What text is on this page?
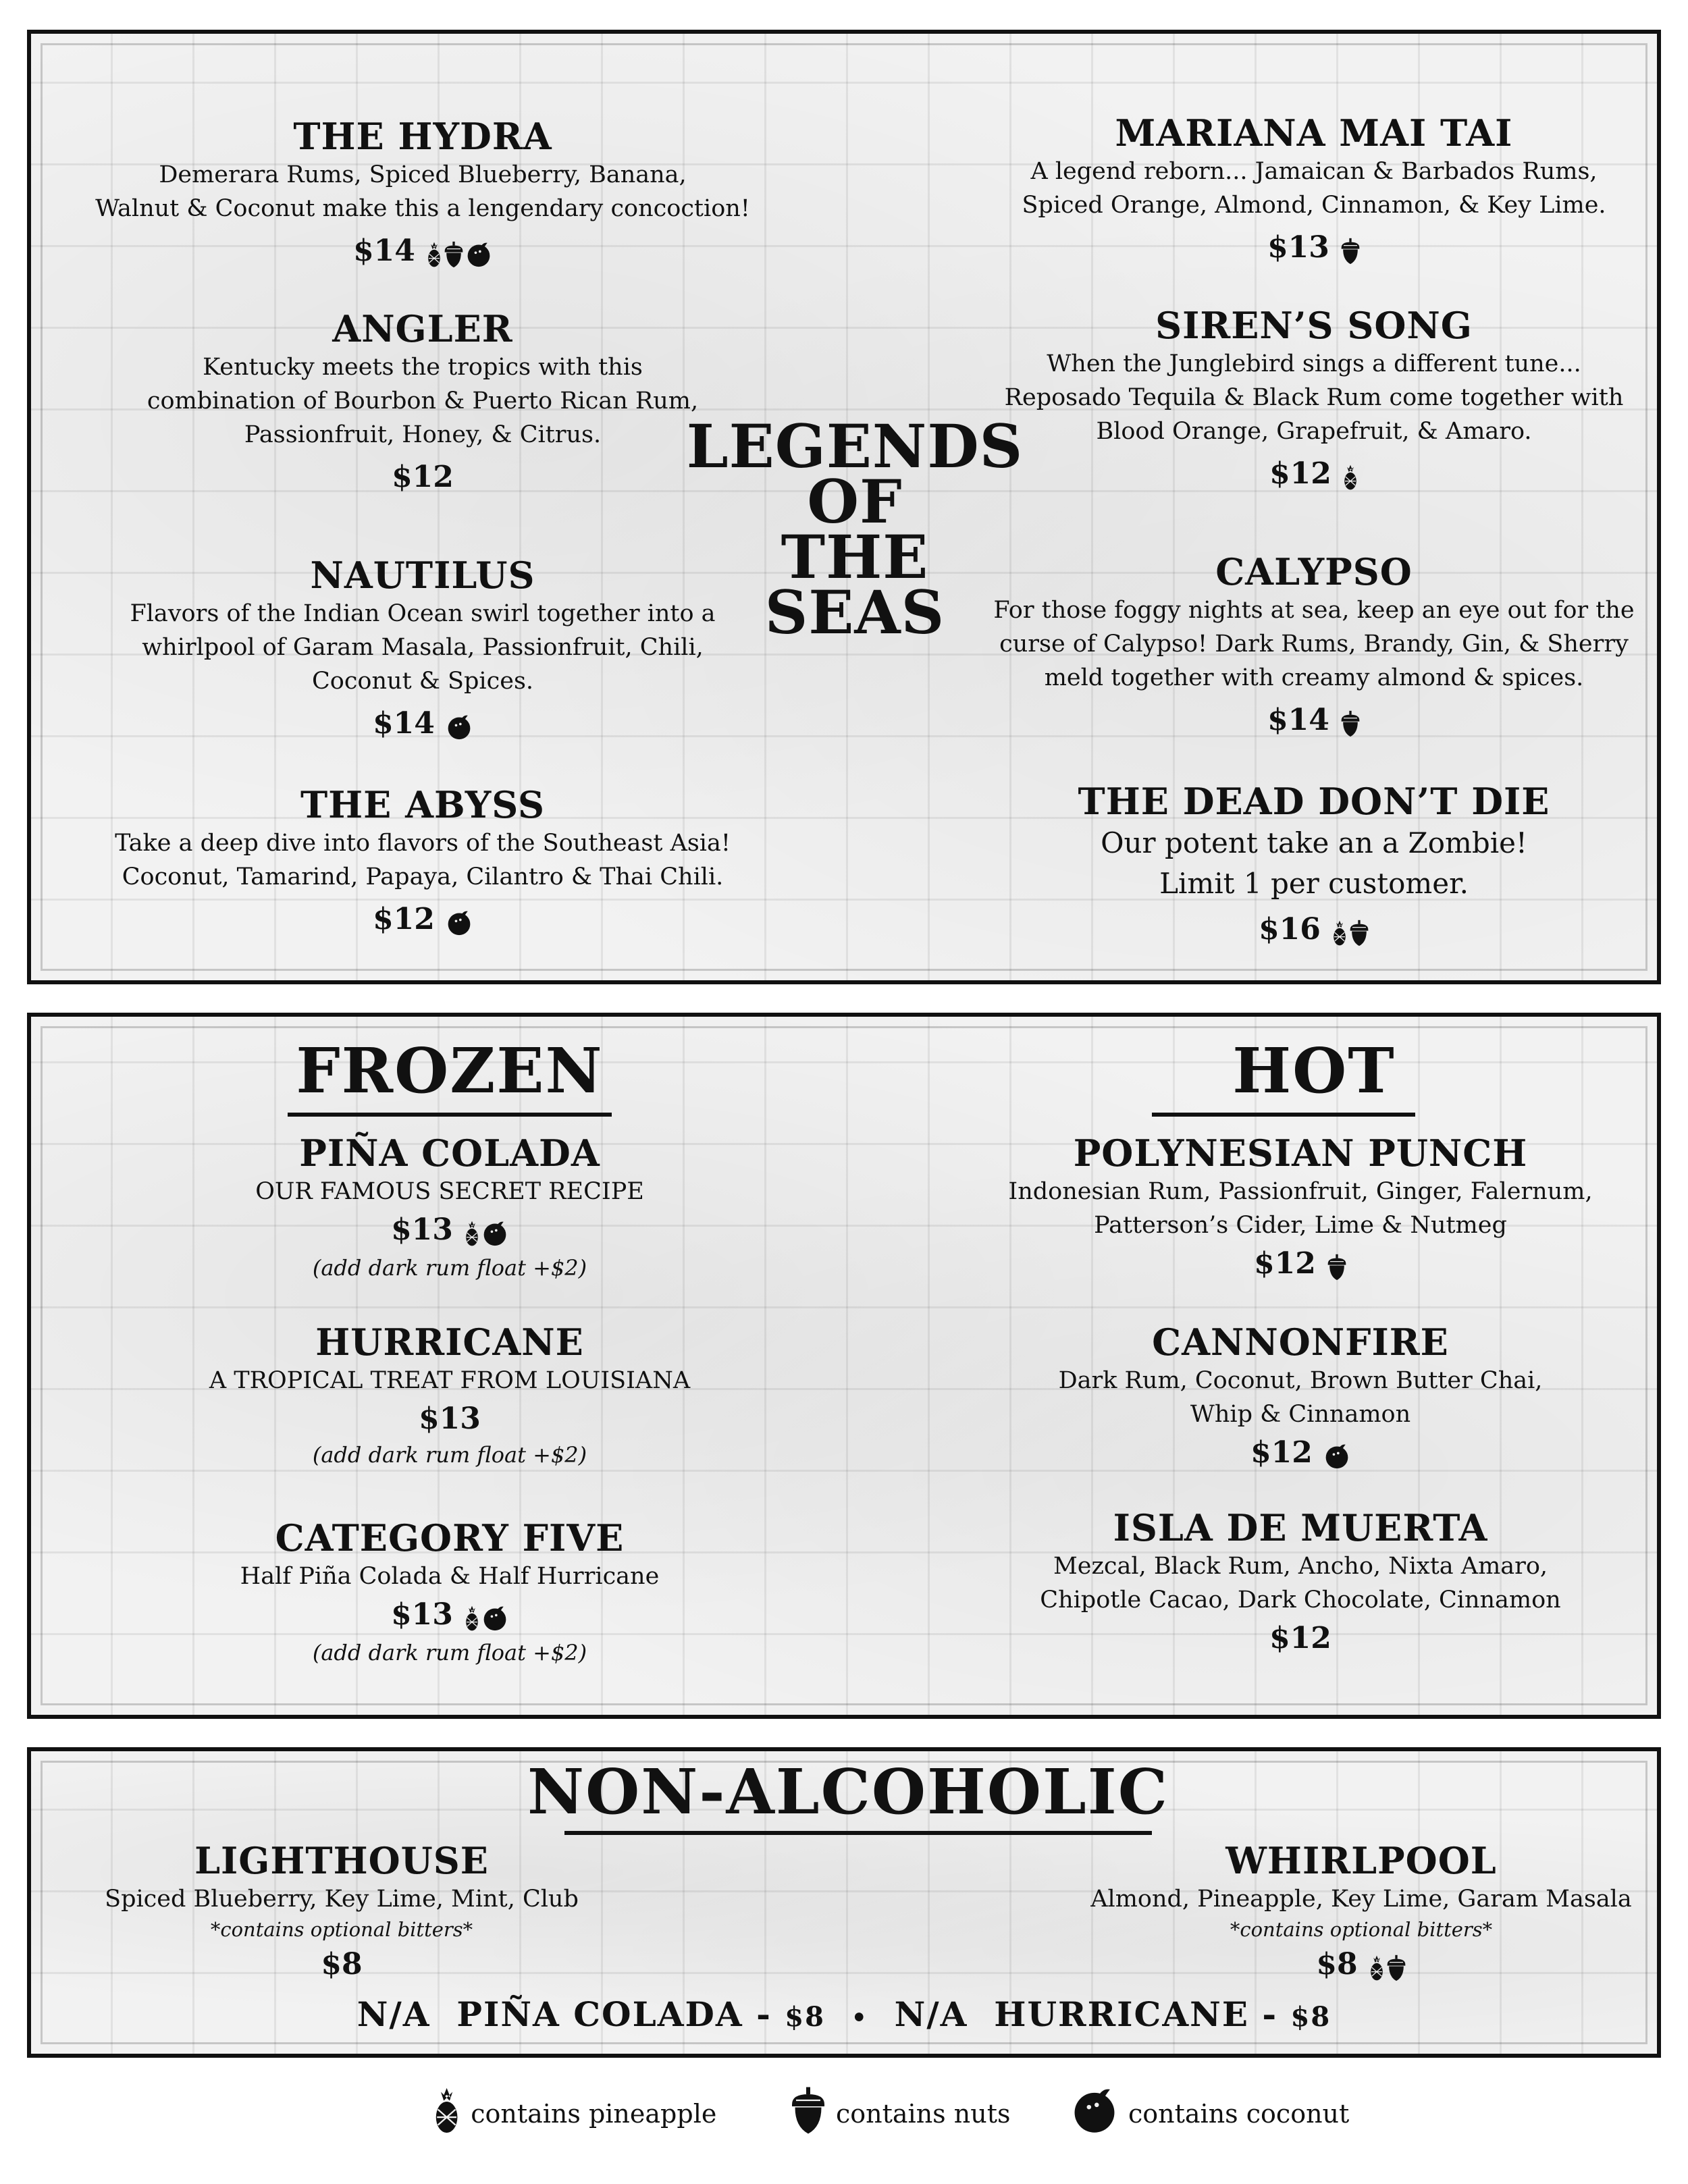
THE HYDRA
Demerara Rums, Spiced Blueberry, Banana,
Walnut & Coconut make this a lengendary concoction!
$14
ANGLER
Kentucky meets the tropics with this
combination of Bourbon & Puerto Rican Rum,
Passionfruit, Honey, & Citrus.
$12
NAUTILUS
Flavors of the Indian Ocean swirl together into a
whirlpool of Garam Masala, Passionfruit, Chili,
Coconut & Spices.
$14
THE ABYSS
Take a deep dive into flavors of the Southeast Asia!
Coconut, Tamarind, Papaya, Cilantro & Thai Chili.
$12
LEGENDS
OF
THE
SEAS
MARIANA MAI TAI
A legend reborn... Jamaican & Barbados Rums,
Spiced Orange, Almond, Cinnamon, & Key Lime.
$13
SIREN’S SONG
When the Junglebird sings a different tune...
Reposado Tequila & Black Rum come together with
Blood Orange, Grapefruit, & Amaro.
$12
CALYPSO
For those foggy nights at sea, keep an eye out for the
curse of Calypso! Dark Rums, Brandy, Gin, & Sherry
meld together with creamy almond & spices.
$14
THE DEAD DON’T DIE
Our potent take an a Zombie!
Limit 1 per customer.
$16
FROZEN	HOT
PIÑA COLADA
OUR FAMOUS SECRET RECIPE
$13
(add dark rum float +$2)
HURRICANE
A TROPICAL TREAT FROM LOUISIANA
$13
(add dark rum float +$2)
CATEGORY FIVE
Half Piña Colada & Half Hurricane
$13
(add dark rum float +$2)
POLYNESIAN PUNCH
Indonesian Rum, Passionfruit, Ginger, Falernum,
Patterson’s Cider, Lime & Nutmeg
$12
CANNONFIRE
Dark Rum, Coconut, Brown Butter Chai,
Whip & Cinnamon
$12
ISLA DE MUERTA
Mezcal, Black Rum, Ancho, Nixta Amaro,
Chipotle Cacao, Dark Chocolate, Cinnamon
$12
NON-ALCOHOLIC
LIGHTHOUSE
Spiced Blueberry, Key Lime, Mint, Club
*contains optional bitters*
$8
WHIRLPOOL
Almond, Pineapple, Key Lime, Garam Masala
*contains optional bitters*
$8
N/A  PIÑA COLADA - $8 • N/A  HURRICANE - $8
contains pineapple	contains nuts	contains coconut
